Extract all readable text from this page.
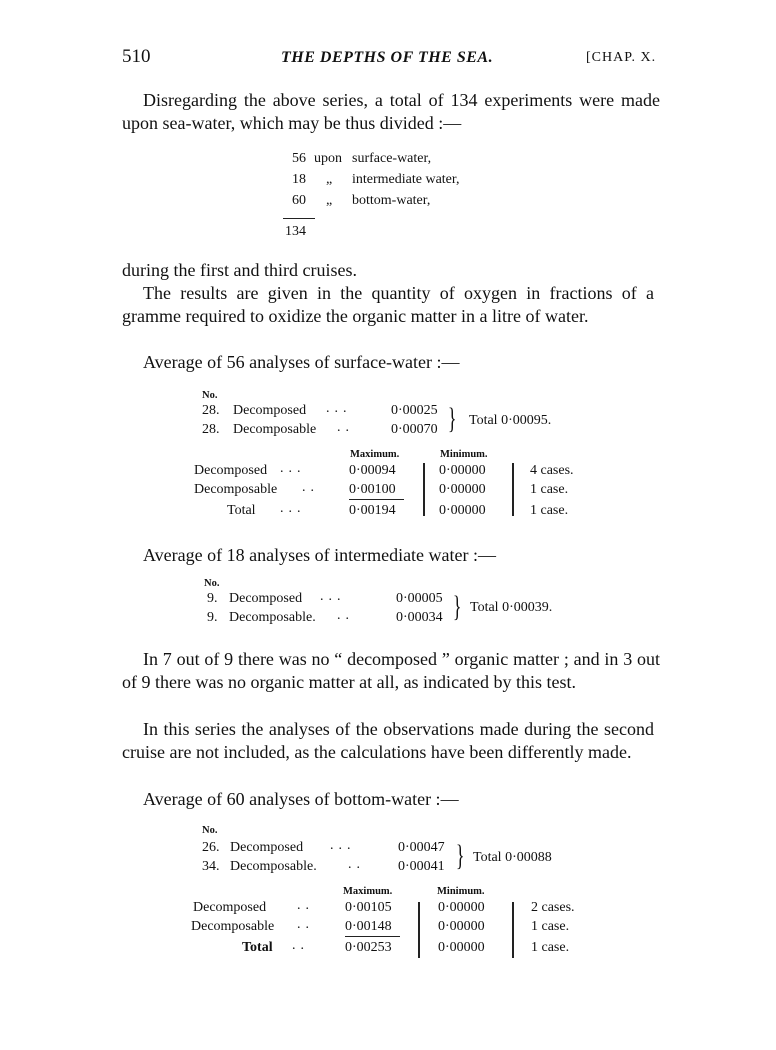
510	THE DEPTHS OF THE SEA.	[CHAP. X.
Disregarding the above series, a total of 134 experiments were made upon sea-water, which may be thus divided :—
56 upon surface-water,
18 „ intermediate water,
60 „ bottom-water,
134
during the first and third cruises.
The results are given in the quantity of oxygen in fractions of a gramme required to oxidize the organic matter in a litre of water.
Average of 56 analyses of surface-water :—
No.
28. Decomposed ...	0·00025
28. Decomposable ..	0·00070 } Total 0·00095.
Maximum.	Minimum.
Decomposed ...	0·00094	0·00000	4 cases.
Decomposable .. 0·00100	0·00000	1 case.
Total ...	0·00194	0·00000	1 case.
Average of 18 analyses of intermediate water :—
No.
9. Decomposed ...	0·00005
9. Decomposable. ..	0·00034 } Total 0·00039.
In 7 out of 9 there was no “ decomposed ” organic matter ; and in 3 out of 9 there was no organic matter at all, as indicated by this test.
In this series the analyses of the observations made during the second cruise are not included, as the calculations have been differently made.
Average of 60 analyses of bottom-water :—
No.
26. Decomposed ...	0·00047
34. Decomposable. .. 0·00041 } Total 0·00088
Maximum.	Minimum.
Decomposed .. 0·00105	0·00000	2 cases.
Decomposable .. 0·00148	0·00000	1 case.
Total ..	0·00253	0·00000	1 case.
